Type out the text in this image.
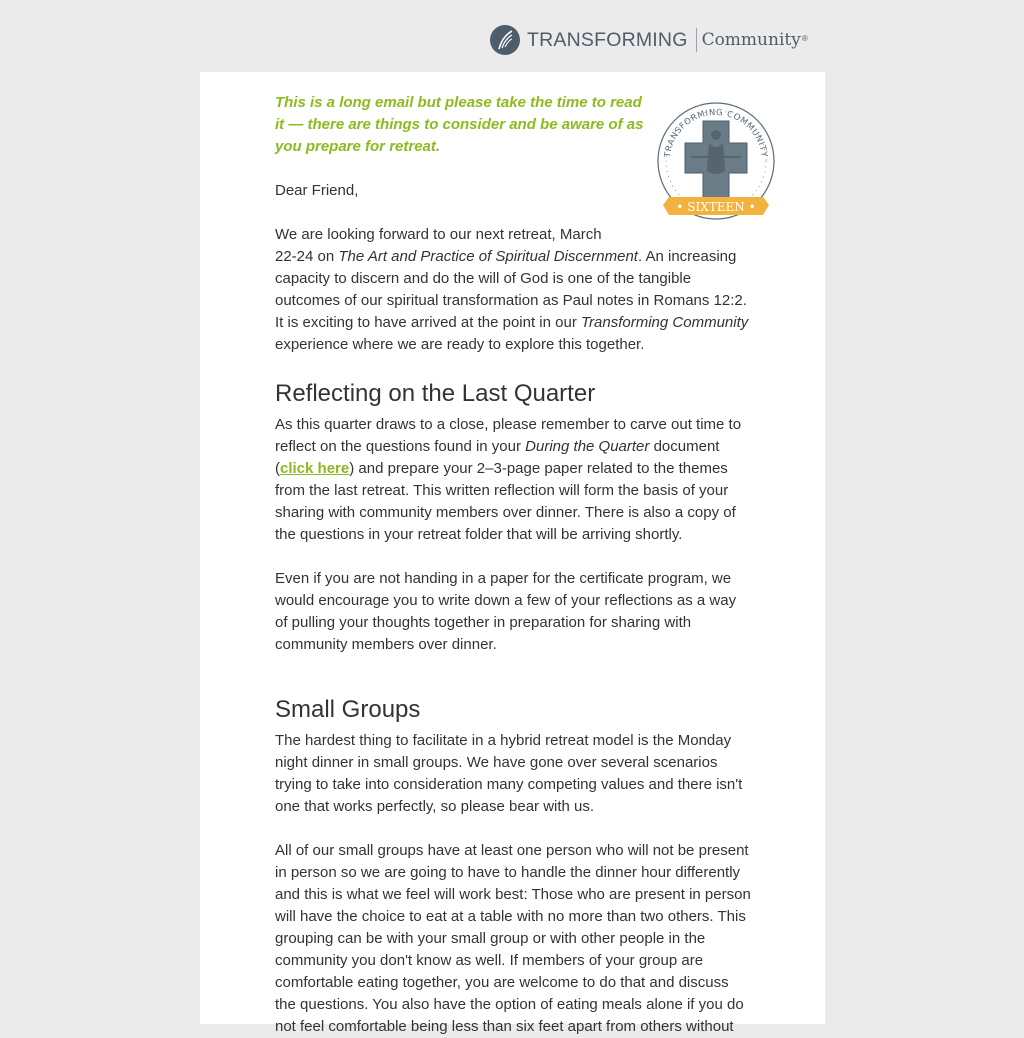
TRANSFORMING Community ®
TRANSFORMING COMMUNITY
• SIXTEEN •

This is a long email but please take the time to read it — there are things to consider and be aware of as you prepare for retreat.

Dear Friend,

We are looking forward to our next retreat, March 22-24 on The Art and Practice of Spiritual Discernment. An increasing capacity to discern and do the will of God is one of the tangible outcomes of our spiritual transformation as Paul notes in Romans 12:2. It is exciting to have arrived at the point in our Transforming Community experience where we are ready to explore this together.

Reflecting on the Last Quarter

As this quarter draws to a close, please remember to carve out time to reflect on the questions found in your During the Quarter document (click here) and prepare your 2–3-page paper related to the themes from the last retreat. This written reflection will form the basis of your sharing with community members over dinner. There is also a copy of the questions in your retreat folder that will be arriving shortly.

Even if you are not handing in a paper for the certificate program, we would encourage you to write down a few of your reflections as a way of pulling your thoughts together in preparation for sharing with community members over dinner.

Small Groups

The hardest thing to facilitate in a hybrid retreat model is the Monday night dinner in small groups. We have gone over several scenarios trying to take into consideration many competing values and there isn't one that works perfectly, so please bear with us.

All of our small groups have at least one person who will not be present in person so we are going to have to handle the dinner hour differently and this is what we feel will work best: Those who are present in person will have the choice to eat at a table with no more than two others. This grouping can be with your small group or with other people in the community you don't know as well. If members of your group are comfortable eating together, you are welcome to do that and discuss the questions. You also have the option of eating meals alone if you do not feel comfortable being less than six feet apart from others without
